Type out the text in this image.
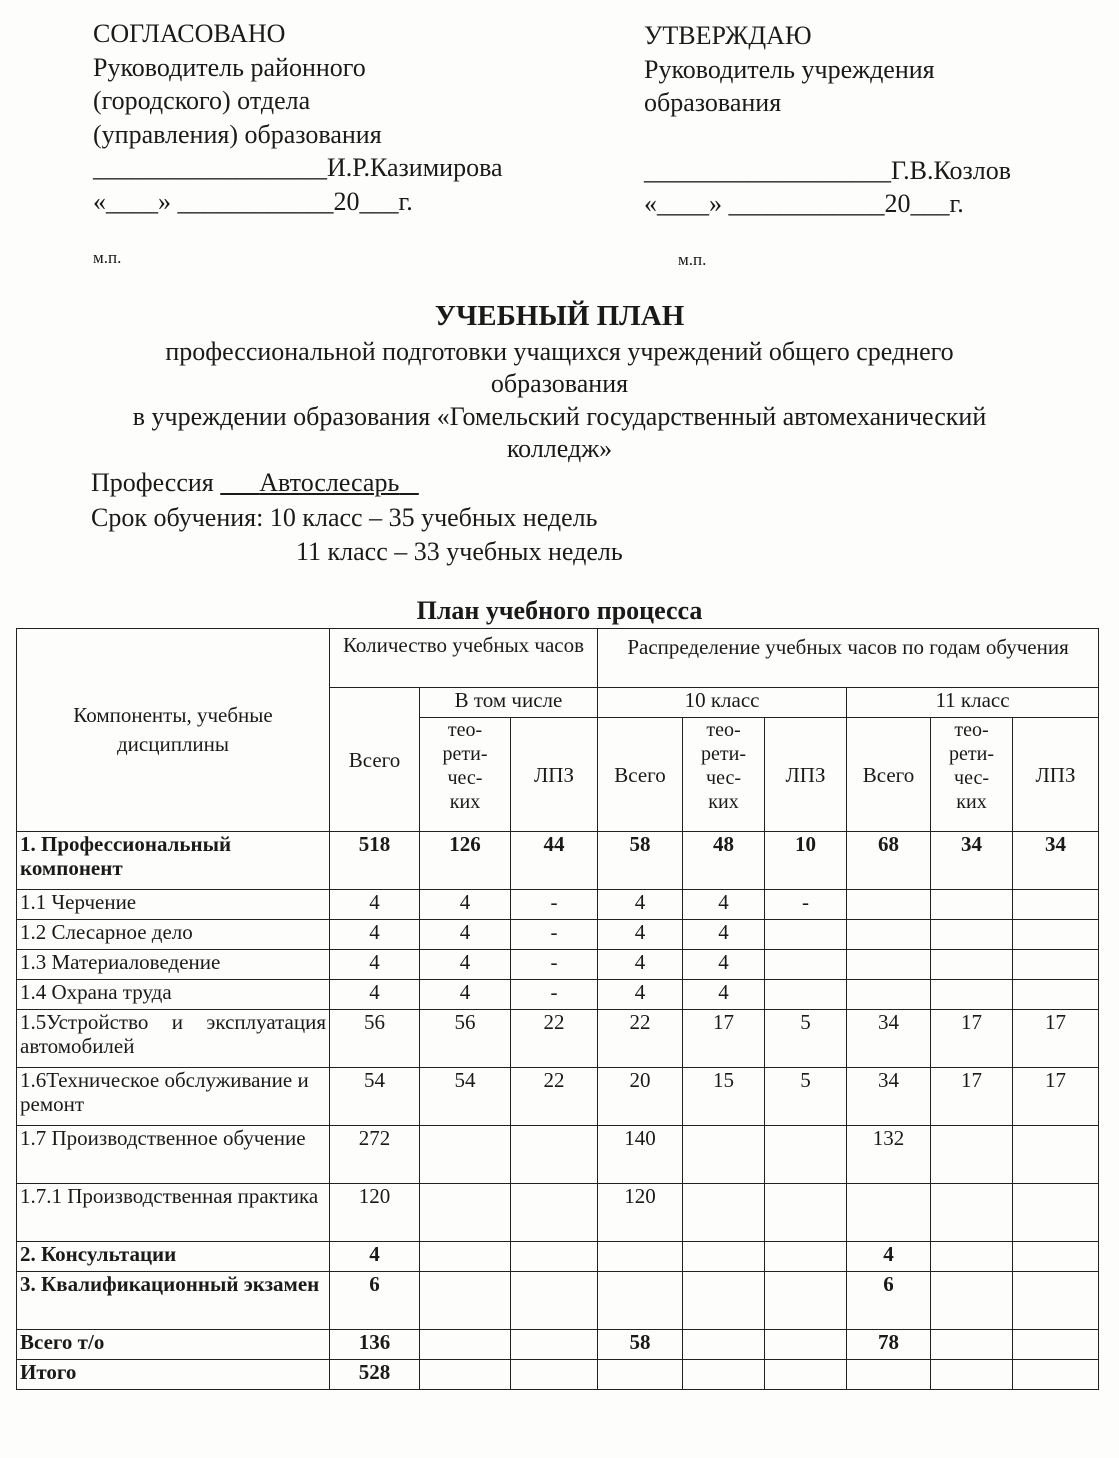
СОГЛАСОВАНО
Руководитель районного
(городского) отдела
(управления) образования
__________________И.Р.Казимирова
«____» ____________20___г.
м.п.
УТВЕРЖДАЮ
Руководитель учреждения
образования
___________________Г.В.Козлов
«____» ____________20___г.
м.п.
УЧЕБНЫЙ ПЛАН
профессиональной подготовки учащихся учреждений общего среднего
образования
в учреждении образования «Гомельский государственный автомеханический
колледж»
Профессия Автослесарь
Срок обучения: 10 класс – 35 учебных недель
11 класс – 33 учебных недель
План учебного процесса
Компоненты, учебные дисциплины	Количество учебных часов			Распределение учебных часов по годам обучения					
	Всего	В том числе		10 класс			11 класс		
		тео-
рети-
чес-
ких	ЛПЗ	Всего	тео-
рети-
чес-
ких	ЛПЗ	Всего	тео-
рети-
чес-
ких	ЛПЗ
1. Профессиональный компонент	518	126	44	58	48	10	68	34	34
1.1 Черчение	4	4	-	4	4	-			
1.2 Слесарное дело	4	4	-	4	4				
1.3 Материаловедение	4	4	-	4	4				
1.4 Охрана труда	4	4	-	4	4				
1.5Устройство и эксплуатация автомобилей	56	56	22	22	17	5	34	17	17
1.6Техническое обслуживание и ремонт	54	54	22	20	15	5	34	17	17
1.7 Производственное обучение	272			140			132		
1.7.1 Производственная практика	120			120					
2. Консультации	4						4		
3. Квалификационный экзамен	6						6		
Всего т/о	136			58			78		
Итого	528								
